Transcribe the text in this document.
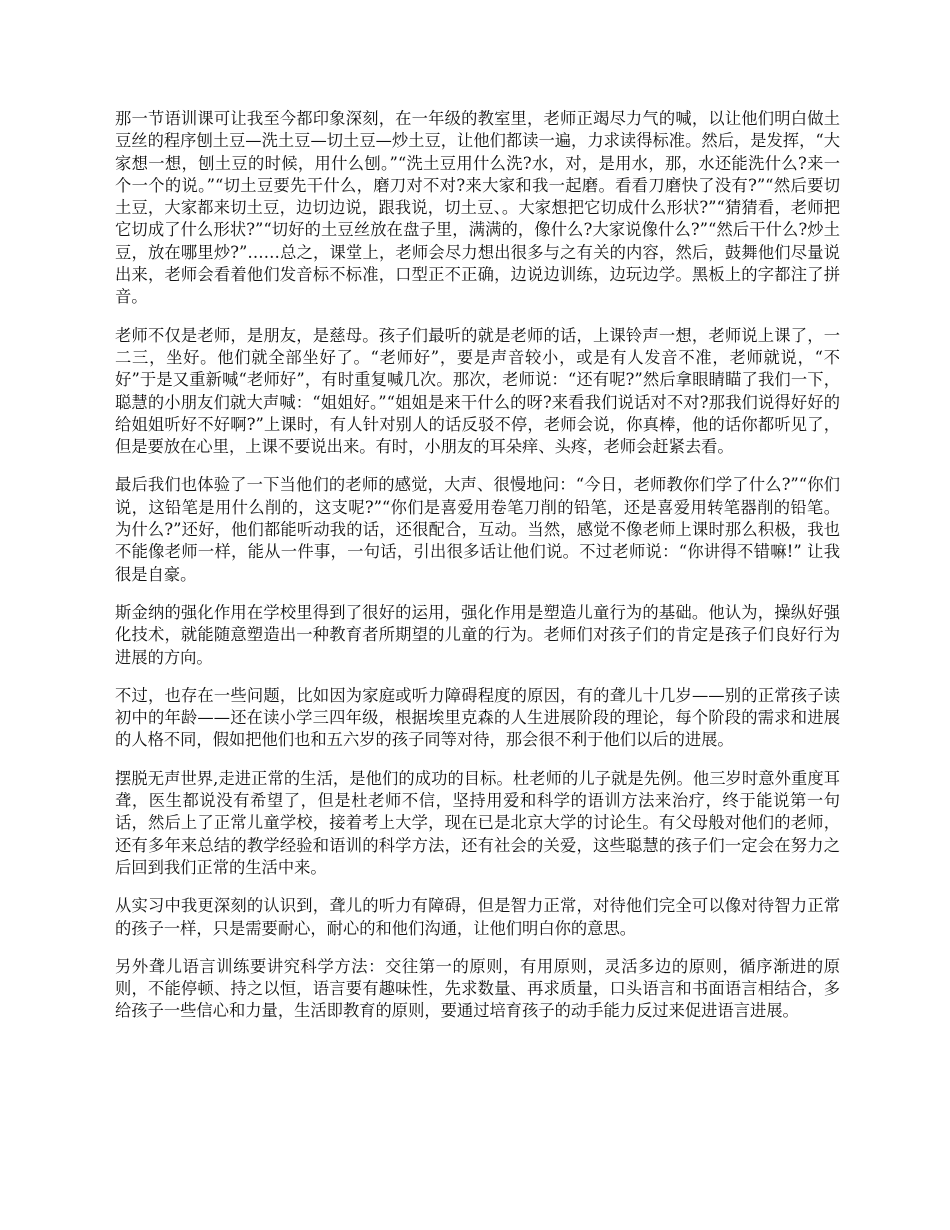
那一节语训课可让我至今都印象深刻，在一年级的教室里，老师正竭尽力气的喊，以让他们明白做土豆丝的程序刨土豆—洗土豆—切土豆—炒土豆，让他们都读一遍，力求读得标准。然后，是发挥，“大家想一想，刨土豆的时候，用什么刨。”“洗土豆用什么洗?水，对，是用水，那，水还能洗什么?来一个一个的说。”“切土豆要先干什么，磨刀对不对?来大家和我一起磨。看看刀磨快了没有?”“然后要切土豆，大家都来切土豆，边切边说，跟我说，切土豆、。大家想把它切成什么形状?”“猜猜看，老师把它切成了什么形状?”“切好的土豆丝放在盘子里，满满的，像什么?大家说像什么?”“然后干什么?炒土豆，放在哪里炒?”……总之，课堂上，老师会尽力想出很多与之有关的内容，然后，鼓舞他们尽量说出来，老师会看着他们发音标不标准，口型正不正确，边说边训练，边玩边学。黑板上的字都注了拼音。

老师不仅是老师，是朋友，是慈母。孩子们最听的就是老师的话，上课铃声一想，老师说上课了，一二三，坐好。他们就全部坐好了。“老师好”，要是声音较小，或是有人发音不准，老师就说，“不好”于是又重新喊“老师好”，有时重复喊几次。那次，老师说：“还有呢?”然后拿眼睛瞄了我们一下，聪慧的小朋友们就大声喊：“姐姐好。”“姐姐是来干什么的呀?来看我们说话对不对?那我们说得好好的给姐姐听好不好啊?”上课时，有人针对别人的话反驳不停，老师会说，你真棒，他的话你都听见了，但是要放在心里，上课不要说出来。有时，小朋友的耳朵痒、头疼，老师会赶紧去看。

最后我们也体验了一下当他们的老师的感觉，大声、很慢地问：“今日，老师教你们学了什么?”“你们说，这铅笔是用什么削的，这支呢?”“你们是喜爱用卷笔刀削的铅笔，还是喜爱用转笔器削的铅笔。为什么?”还好，他们都能听动我的话，还很配合，互动。当然，感觉不像老师上课时那么积极，我也不能像老师一样，能从一件事，一句话，引出很多话让他们说。不过老师说：“你讲得不错嘛!” 让我很是自豪。

斯金纳的强化作用在学校里得到了很好的运用，强化作用是塑造儿童行为的基础。他认为，操纵好强化技术，就能随意塑造出一种教育者所期望的儿童的行为。老师们对孩子们的肯定是孩子们良好行为进展的方向。

不过，也存在一些问题，比如因为家庭或听力障碍程度的原因，有的聋儿十几岁——别的正常孩子读初中的年龄——还在读小学三四年级，根据埃里克森的人生进展阶段的理论，每个阶段的需求和进展的人格不同，假如把他们也和五六岁的孩子同等对待，那会很不利于他们以后的进展。

摆脱无声世界,走进正常的生活，是他们的成功的目标。杜老师的儿子就是先例。他三岁时意外重度耳聋，医生都说没有希望了，但是杜老师不信，坚持用爱和科学的语训方法来治疗，终于能说第一句话，然后上了正常儿童学校，接着考上大学，现在已是北京大学的讨论生。有父母般对他们的老师，还有多年来总结的教学经验和语训的科学方法，还有社会的关爱，这些聪慧的孩子们一定会在努力之后回到我们正常的生活中来。

从实习中我更深刻的认识到，聋儿的听力有障碍，但是智力正常，对待他们完全可以像对待智力正常的孩子一样，只是需要耐心，耐心的和他们沟通，让他们明白你的意思。

另外聋儿语言训练要讲究科学方法：交往第一的原则，有用原则，灵活多边的原则，循序渐进的原则，不能停顿、持之以恒，语言要有趣味性，先求数量、再求质量，口头语言和书面语言相结合，多给孩子一些信心和力量，生活即教育的原则，要通过培育孩子的动手能力反过来促进语言进展。
